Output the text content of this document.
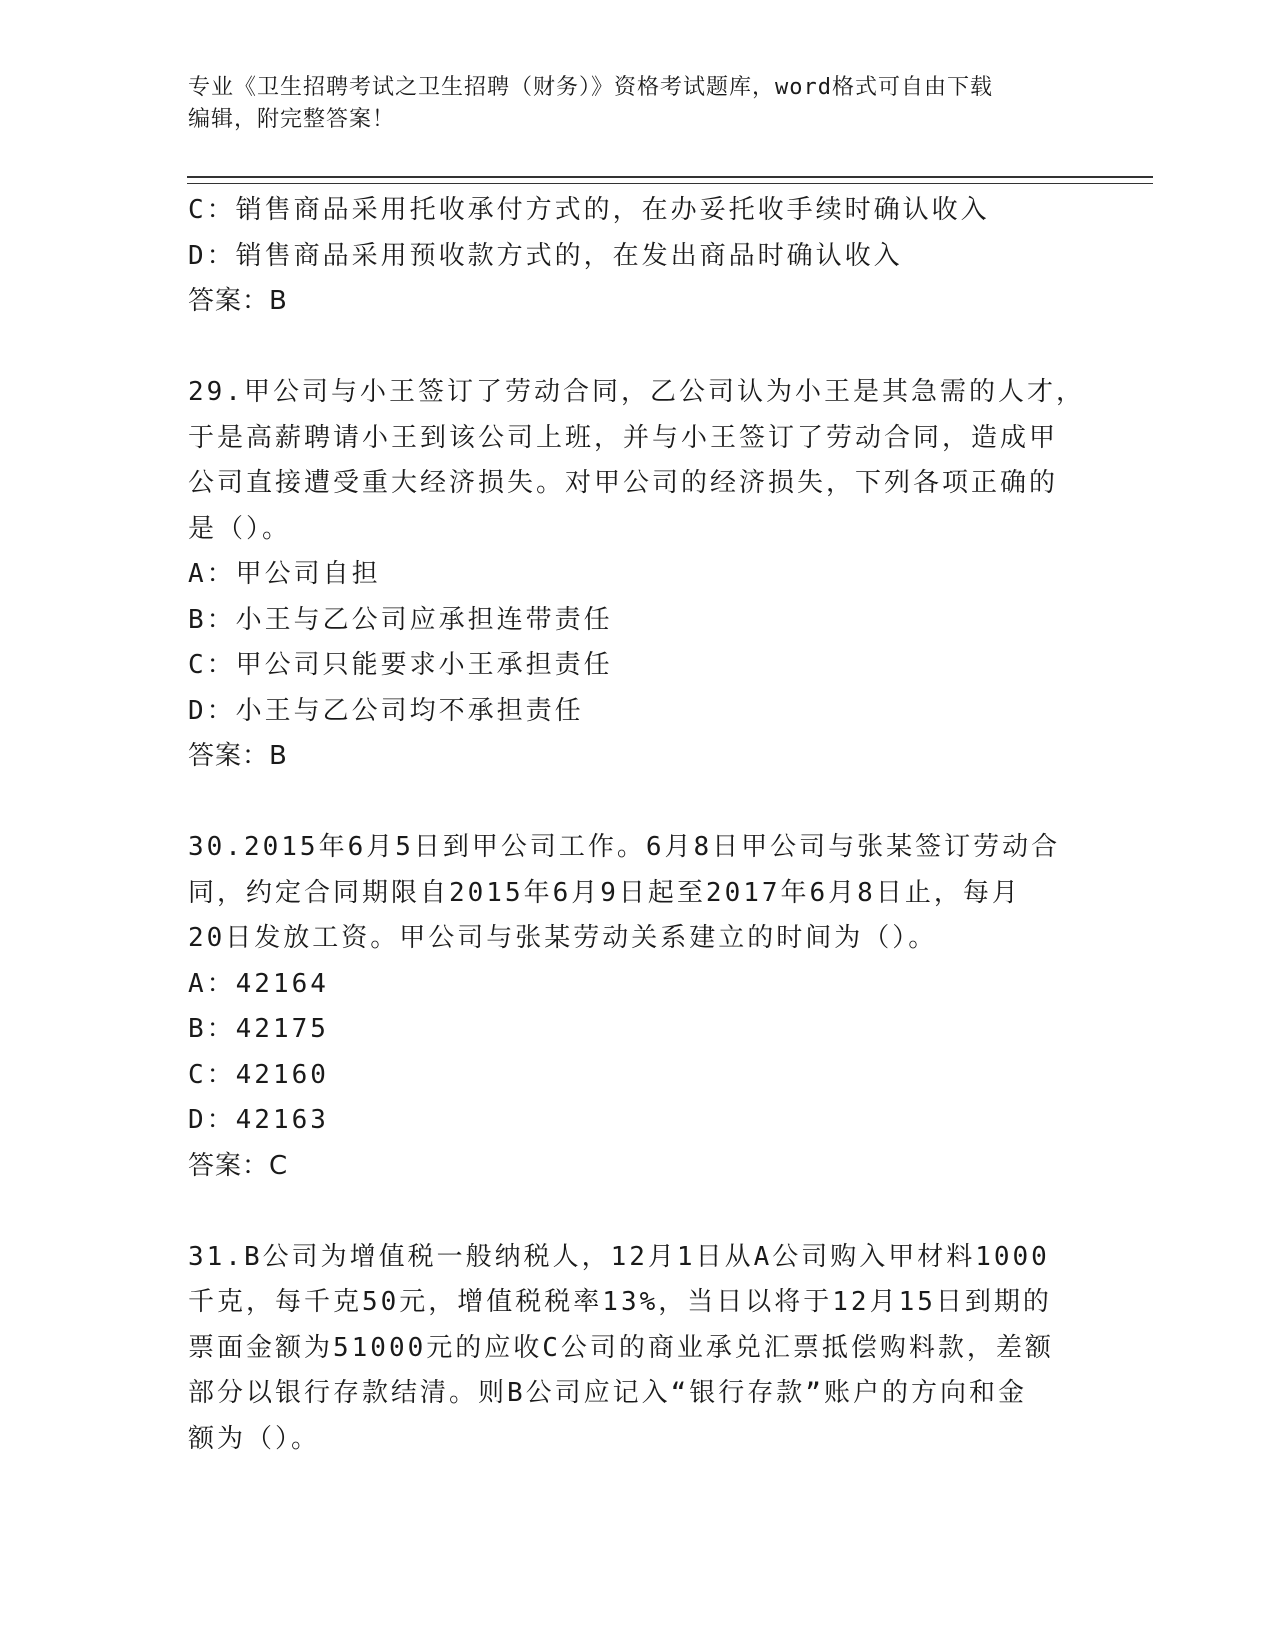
专业《卫生招聘考试之卫生招聘（财务）》资格考试题库，word格式可自由下载
编辑，附完整答案！
C：销售商品采用托收承付方式的，在办妥托收手续时确认收入
D：销售商品采用预收款方式的，在发出商品时确认收入
答案：B
29.甲公司与小王签订了劳动合同，乙公司认为小王是其急需的人才，
于是高薪聘请小王到该公司上班，并与小王签订了劳动合同，造成甲
公司直接遭受重大经济损失。对甲公司的经济损失，下列各项正确的
是（）。
A：甲公司自担
B：小王与乙公司应承担连带责任
C：甲公司只能要求小王承担责任
D：小王与乙公司均不承担责任
答案：B
30.2015年6月5日到甲公司工作。6月8日甲公司与张某签订劳动合
同，约定合同期限自2015年6月9日起至2017年6月8日止，每月
20日发放工资。甲公司与张某劳动关系建立的时间为（）。
A：42164
B：42175
C：42160
D：42163
答案：C
31.B公司为增值税一般纳税人，12月1日从A公司购入甲材料1000
千克，每千克50元，增值税税率13%，当日以将于12月15日到期的
票面金额为51000元的应收C公司的商业承兑汇票抵偿购料款，差额
部分以银行存款结清。则B公司应记入“银行存款”账户的方向和金
额为（）。
